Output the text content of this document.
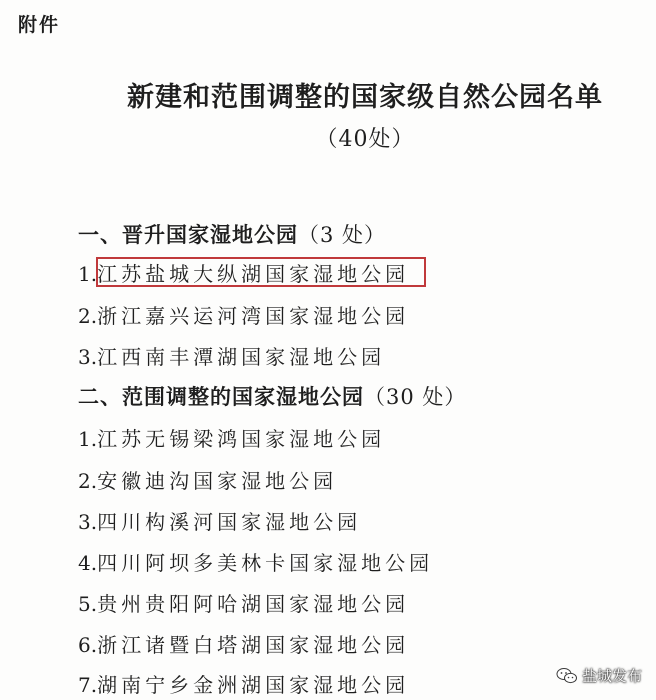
附件
新建和范围调整的国家级自然公园名单
（40处）
一、晋升国家湿地公园（3 处）
1.江苏盐城大纵湖国家湿地公园
2.浙江嘉兴运河湾国家湿地公园
3.江西南丰潭湖国家湿地公园
二、范围调整的国家湿地公园（30 处）
1.江苏无锡梁鸿国家湿地公园
2.安徽迪沟国家湿地公园
3.四川构溪河国家湿地公园
4.四川阿坝多美林卡国家湿地公园
5.贵州贵阳阿哈湖国家湿地公园
6.浙江诸暨白塔湖国家湿地公园
7.湖南宁乡金洲湖国家湿地公园	盐城发布
